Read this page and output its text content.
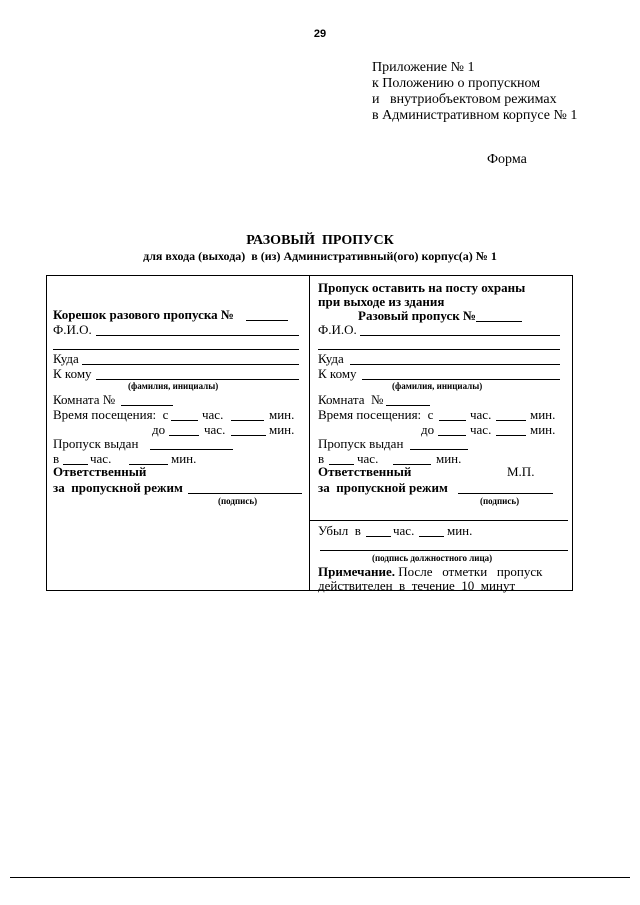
29
Приложение № 1
к Положению о пропускном
и   внутриобъектовом режимах
в Административном корпусе № 1
Форма
РАЗОВЫЙ  ПРОПУСК
для входа (выхода)  в (из) Административный(ого) корпус(а) № 1
Корешок разового пропуска №
Ф.И.О.
Куда
К кому
(фамилия, инициалы)
Комната №
Время посещения:  с	час.	мин.
до	час.	мин.
Пропуск выдан
в час.	мин.
Ответственный
за  пропускной режим
(подпись)
Пропуск оставить на посту охраны
при выходе из здания
Разовый пропуск №
Ф.И.О.
Куда
К кому
(фамилия, инициалы)
Комната  №
Время посещения:  с	час.	мин.
до	час.	мин.
Пропуск выдан
в	час.	мин.
Ответственный	М.П.
за  пропускной режим
(подпись)
Убыл  в час.	мин.
(подпись должностного лица)
Примечание. После   отметки   пропуск
действителен  в  течение  10  минут
